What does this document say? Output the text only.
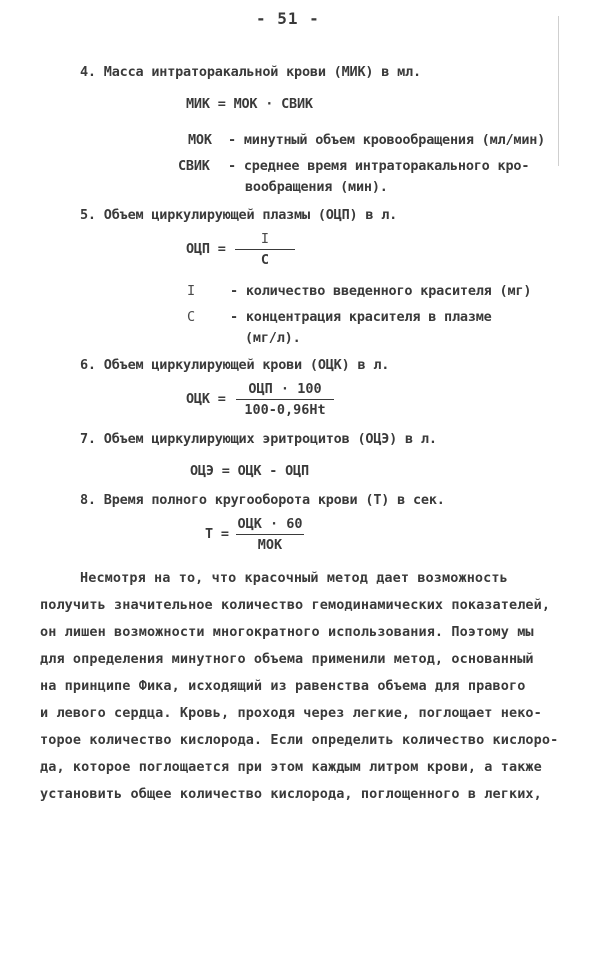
- 51 -
4. Масса интраторакальной крови (МИК) в мл.
МИК = МОК · СВИК
МОК - минутный объем кровообращения (мл/мин)
СВИК - среднее время интраторакального кро-
вообращения (мин).
5. Объем циркулирующей плазмы (ОЦП) в л.
ОЦП =
I
C
I	- количество введенного красителя (мг)
C	- концентрация красителя в плазме
(мг/л).
6. Объем циркулирующей крови (ОЦК) в л.
ОЦК =
ОЦП · 100
100-0,96Ht
7. Объем циркулирующих эритроцитов (ОЦЭ) в л.
ОЦЭ = ОЦК - ОЦП
8. Время полного кругооборота крови (Т) в сек.
Т =
ОЦК · 60
МОК
Несмотря на то, что красочный метод дает возможность
получить значительное количество гемодинамических показателей,
он лишен возможности многократного использования. Поэтому мы
для определения минутного объема применили метод, основанный
на принципе Фика, исходящий из равенства объема для правого
и левого сердца. Кровь, проходя через легкие, поглощает неко-
торое количество кислорода. Если определить количество кислоро-
да, которое поглощается при этом каждым литром крови, а также
установить общее количество кислорода, поглощенного в легких,
